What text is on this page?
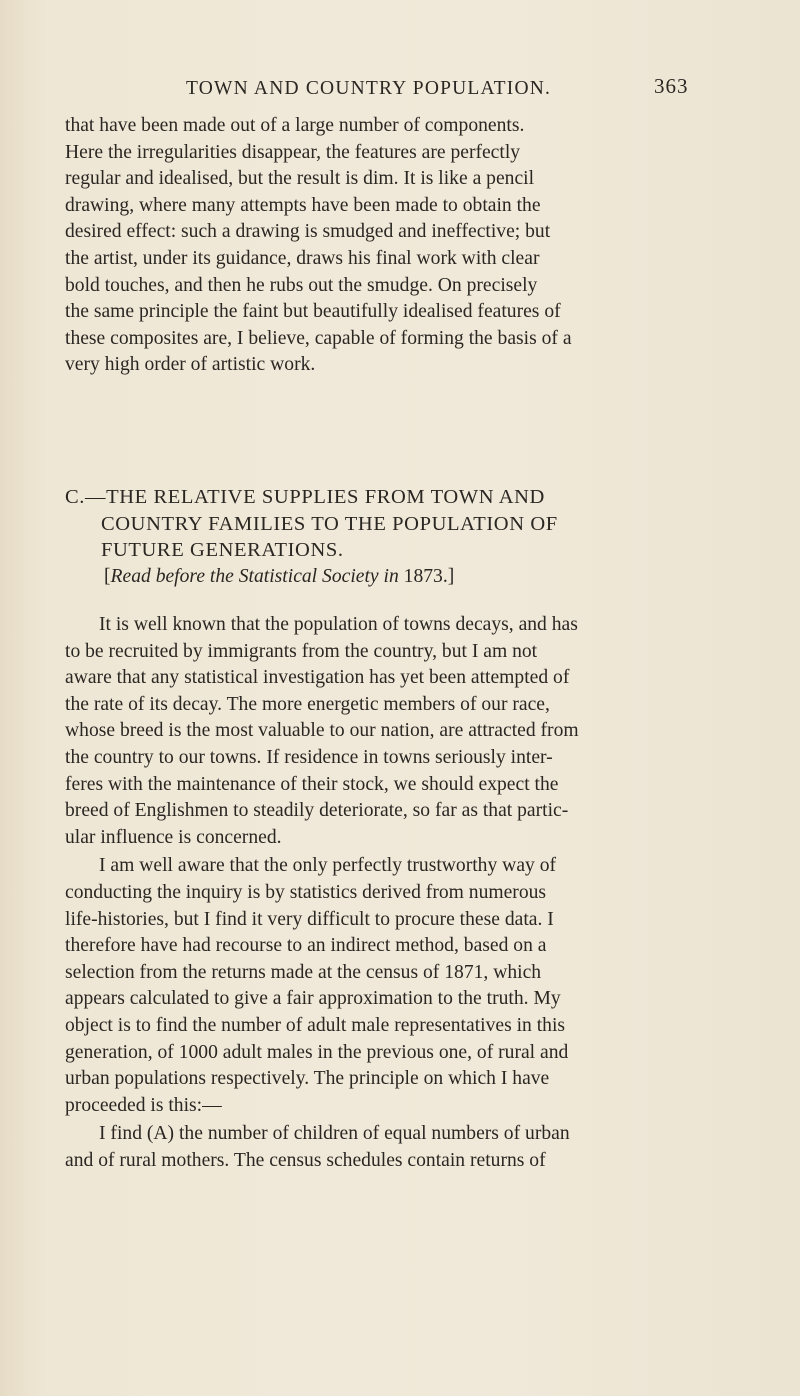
TOWN AND COUNTRY POPULATION.	363

that have been made out of a large number of components.
Here the irregularities disappear, the features are perfectly
regular and idealised, but the result is dim. It is like a pencil
drawing, where many attempts have been made to obtain the
desired effect: such a drawing is smudged and ineffective; but
the artist, under its guidance, draws his final work with clear
bold touches, and then he rubs out the smudge. On precisely
the same principle the faint but beautifully idealised features of
these composites are, I believe, capable of forming the basis of a
very high order of artistic work.

C.—THE RELATIVE SUPPLIES FROM TOWN AND
COUNTRY FAMILIES TO THE POPULATION OF
FUTURE GENERATIONS.
[Read before the Statistical Society in 1873.]

It is well known that the population of towns decays, and has
to be recruited by immigrants from the country, but I am not
aware that any statistical investigation has yet been attempted of
the rate of its decay. The more energetic members of our race,
whose breed is the most valuable to our nation, are attracted from
the country to our towns. If residence in towns seriously inter-
feres with the maintenance of their stock, we should expect the
breed of Englishmen to steadily deteriorate, so far as that partic-
ular influence is concerned.

I am well aware that the only perfectly trustworthy way of
conducting the inquiry is by statistics derived from numerous
life-histories, but I find it very difficult to procure these data. I
therefore have had recourse to an indirect method, based on a
selection from the returns made at the census of 1871, which
appears calculated to give a fair approximation to the truth. My
object is to find the number of adult male representatives in this
generation, of 1000 adult males in the previous one, of rural and
urban populations respectively. The principle on which I have
proceeded is this:—

I find (A) the number of children of equal numbers of urban
and of rural mothers. The census schedules contain returns of
